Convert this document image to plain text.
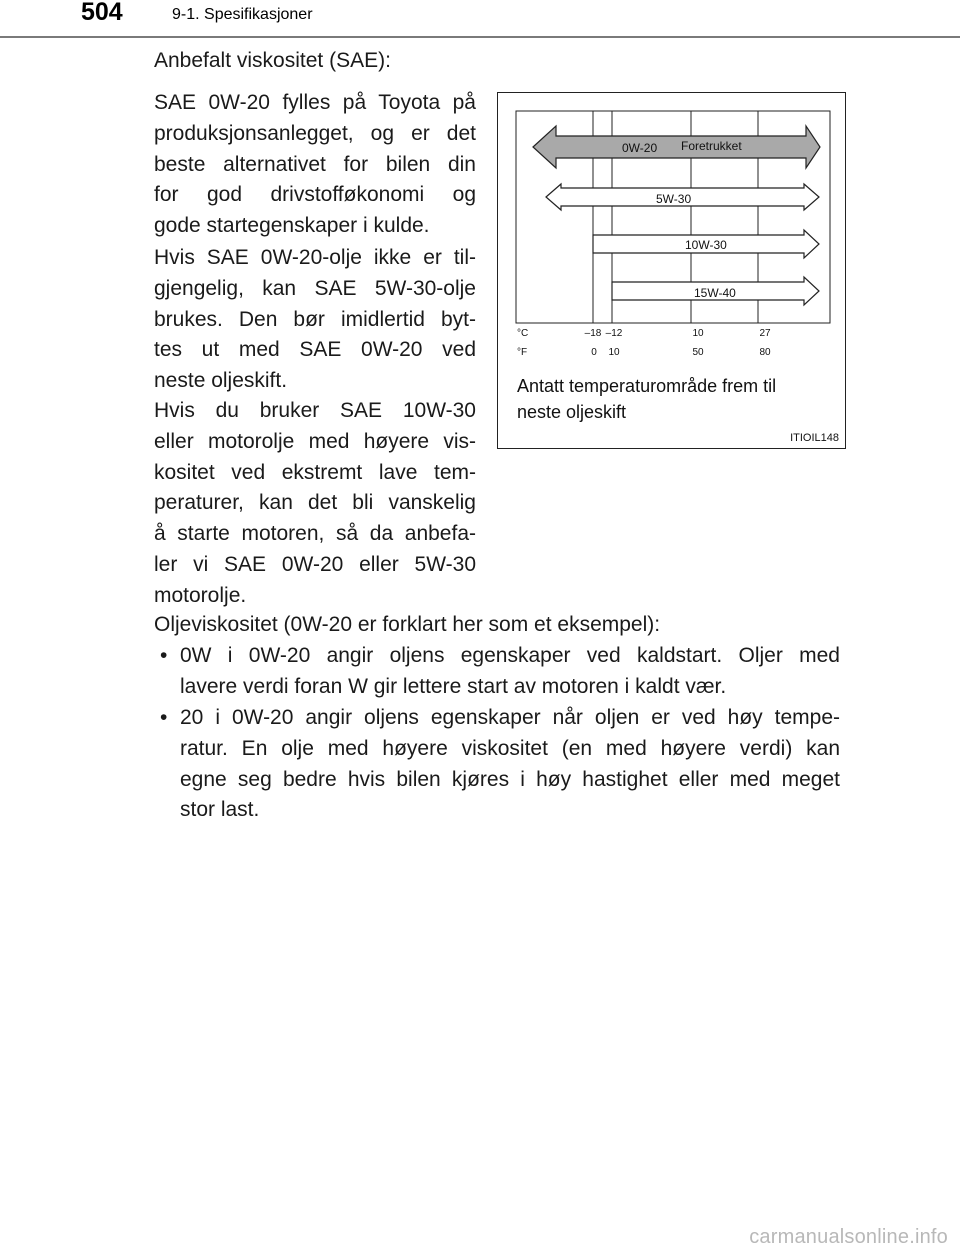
504	9-1. Spesifikasjoner

Anbefalt viskositet (SAE):

SAE 0W-20 fylles på Toyota på
produksjonsanlegget, og er det
beste alternativet for bilen din
for god drivstofføkonomi og
gode startegenskaper i kulde.
Hvis SAE 0W-20-olje ikke er til-
gjengelig, kan SAE 5W-30-olje
brukes. Den bør imidlertid byt-
tes ut med SAE 0W-20 ved
neste oljeskift.
Hvis du bruker SAE 10W-30
eller motorolje med høyere vis-
kositet ved ekstremt lave tem-
peraturer, kan det bli vanskelig
å starte motoren, så da anbefa-
ler vi SAE 0W-20 eller 5W-30
motorolje.

Oljeviskositet (0W-20 er forklart her som et eksempel):

• 0W i 0W-20 angir oljens egenskaper ved kaldstart. Oljer med
lavere verdi foran W gir lettere start av motoren i kaldt vær.
• 20 i 0W-20 angir oljens egenskaper når oljen er ved høy tempe-
ratur. En olje med høyere viskositet (en med høyere verdi) kan
egne seg bedre hvis bilen kjøres i høy hastighet eller med meget
stor last.
0W-20 Foretrukket
5W-30
10W-30
15W-40
°C
°F
–18 –12	10	27
0 10	50	80
Antatt temperaturområde frem til
neste oljeskift
ITIOIL148
carmanualsonline.info
